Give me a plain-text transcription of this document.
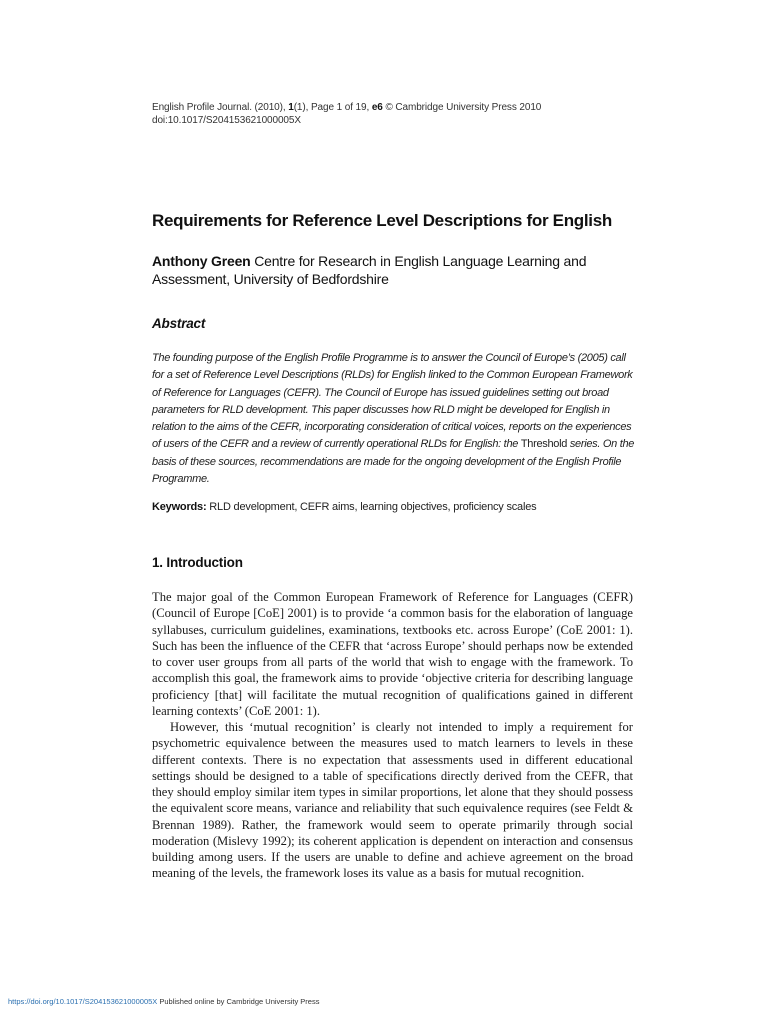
English Profile Journal. (2010), 1(1), Page 1 of 19, e6 © Cambridge University Press 2010
doi:10.1017/S204153621000005X
Requirements for Reference Level Descriptions for English
Anthony Green Centre for Research in English Language Learning and Assessment, University of Bedfordshire
Abstract

The founding purpose of the English Profile Programme is to answer the Council of Europe’s (2005) call for a set of Reference Level Descriptions (RLDs) for English linked to the Common European Framework of Reference for Languages (CEFR). The Council of Europe has issued guidelines setting out broad parameters for RLD development. This paper discusses how RLD might be developed for English in relation to the aims of the CEFR, incorporating consideration of critical voices, reports on the experiences of users of the CEFR and a review of currently operational RLDs for English: the Threshold series. On the basis of these sources, recommendations are made for the ongoing development of the English Profile Programme.

Keywords: RLD development, CEFR aims, learning objectives, proficiency scales
1. Introduction

The major goal of the Common European Framework of Reference for Languages (CEFR) (Council of Europe [CoE] 2001) is to provide ‘a common basis for the elaboration of language syllabuses, curriculum guidelines, examinations, textbooks etc. across Europe’ (CoE 2001: 1). Such has been the influence of the CEFR that ‘across Europe’ should perhaps now be extended to cover user groups from all parts of the world that wish to engage with the framework. To accomplish this goal, the framework aims to provide ‘objective criteria for describing language proficiency [that] will facilitate the mutual recognition of qualifications gained in different learning contexts’ (CoE 2001: 1).

However, this ‘mutual recognition’ is clearly not intended to imply a requirement for psychometric equivalence between the measures used to match learners to levels in these different contexts. There is no expectation that assessments used in different educational settings should be designed to a table of specifications directly derived from the CEFR, that they should employ similar item types in similar proportions, let alone that they should possess the equivalent score means, variance and reliability that such equivalence requires (see Feldt & Brennan 1989). Rather, the framework would seem to operate primarily through social moderation (Mislevy 1992); its coherent application is dependent on interaction and consensus building among users. If the users are unable to define and achieve agreement on the broad meaning of the levels, the framework loses its value as a basis for mutual recognition.

https://doi.org/10.1017/S204153621000005X Published online by Cambridge University Press
